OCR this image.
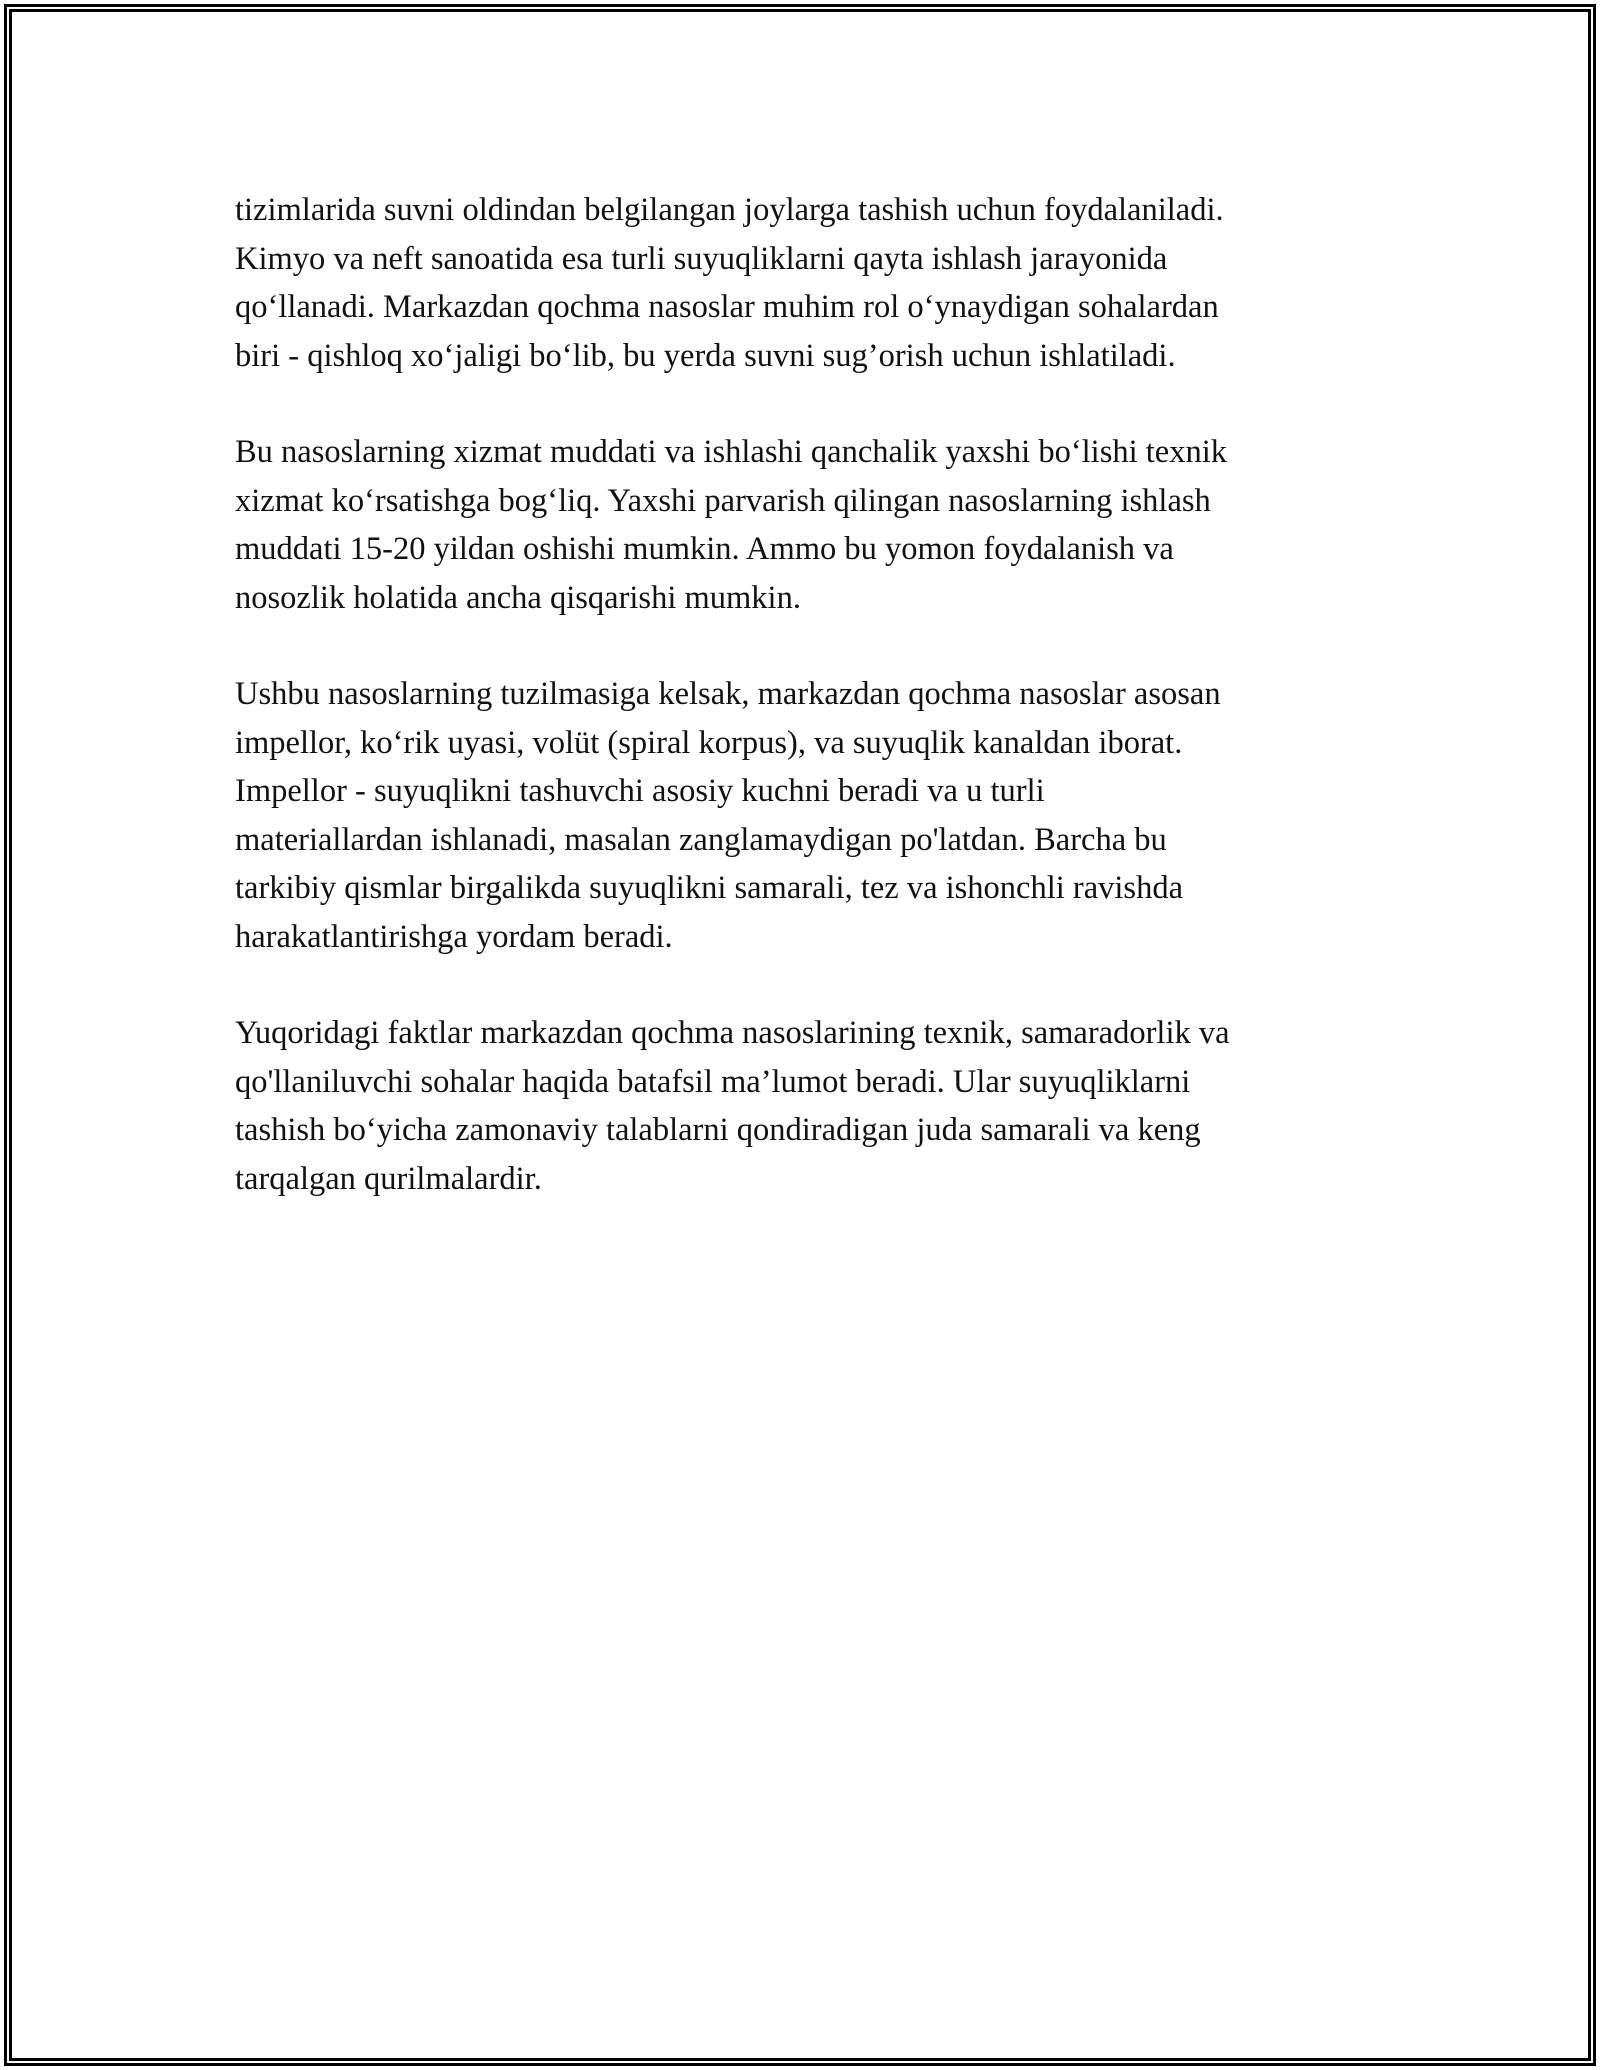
tizimlarida suvni oldindan belgilangan joylarga tashish uchun foydalaniladi.
Kimyo va neft sanoatida esa turli suyuqliklarni qayta ishlash jarayonida
qo‘llanadi. Markazdan qochma nasoslar muhim rol o‘ynaydigan sohalardan
biri - qishloq xo‘jaligi bo‘lib, bu yerda suvni sug’orish uchun ishlatiladi.

Bu nasoslarning xizmat muddati va ishlashi qanchalik yaxshi bo‘lishi texnik
xizmat ko‘rsatishga bog‘liq. Yaxshi parvarish qilingan nasoslarning ishlash
muddati 15-20 yildan oshishi mumkin. Ammo bu yomon foydalanish va
nosozlik holatida ancha qisqarishi mumkin.

Ushbu nasoslarning tuzilmasiga kelsak, markazdan qochma nasoslar asosan
impellor, ko‘rik uyasi, volüt (spiral korpus), va suyuqlik kanaldan iborat.
Impellor - suyuqlikni tashuvchi asosiy kuchni beradi va u turli
materiallardan ishlanadi, masalan zanglamaydigan po'latdan. Barcha bu
tarkibiy qismlar birgalikda suyuqlikni samarali, tez va ishonchli ravishda
harakatlantirishga yordam beradi.

Yuqoridagi faktlar markazdan qochma nasoslarining texnik, samaradorlik va
qo'llaniluvchi sohalar haqida batafsil ma’lumot beradi. Ular suyuqliklarni
tashish bo‘yicha zamonaviy talablarni qondiradigan juda samarali va keng
tarqalgan qurilmalardir.
